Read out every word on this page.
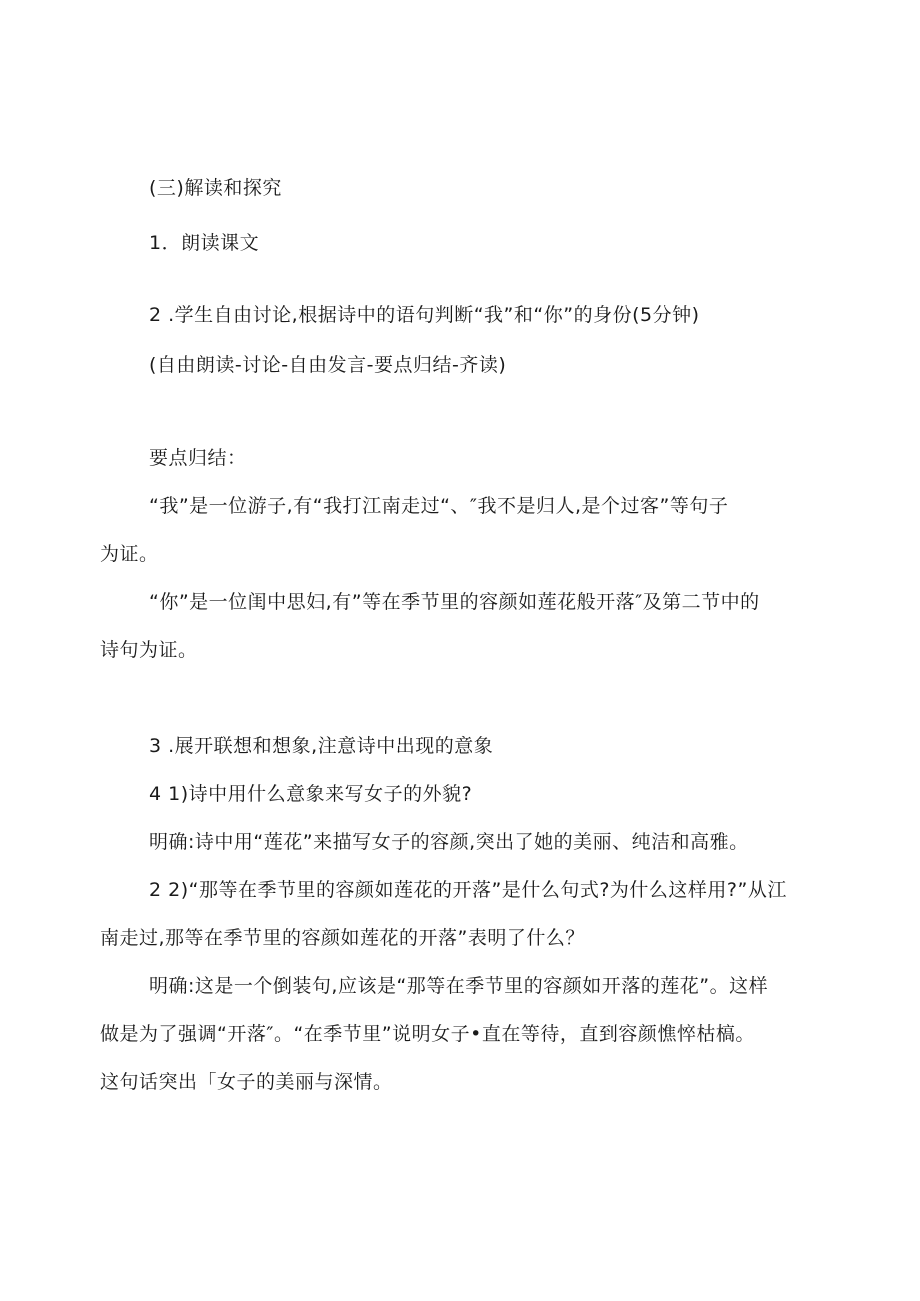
(三)解读和探究
1．朗读课文
2 .学生自由讨论,根据诗中的语句判断“我”和“你”的身份(5分钟)
(自由朗读-讨论-自由发言-要点归结-齐读)
要点归结：
“我”是一位游子,有“我打江南走过“、″我不是归人,是个过客”等句子
为证。
“你”是一位闺中思妇,有”等在季节里的容颜如莲花般开落″及第二节中的
诗句为证。
3 .展开联想和想象,注意诗中出现的意象
4 1)诗中用什么意象来写女子的外貌?
明确:诗中用“莲花”来描写女子的容颜,突出了她的美丽、纯洁和高雅。
2 2)“那等在季节里的容颜如莲花的开落”是什么句式?为什么这样用?”从江
南走过,那等在季节里的容颜如莲花的开落”表明了什么？
明确:这是一个倒装句,应该是“那等在季节里的容颜如开落的莲花”。这样
做是为了强调“开落″。“在季节里”说明女子•直在等待，直到容颜憔悴枯槁。
这句话突出「女子的美丽与深情。
